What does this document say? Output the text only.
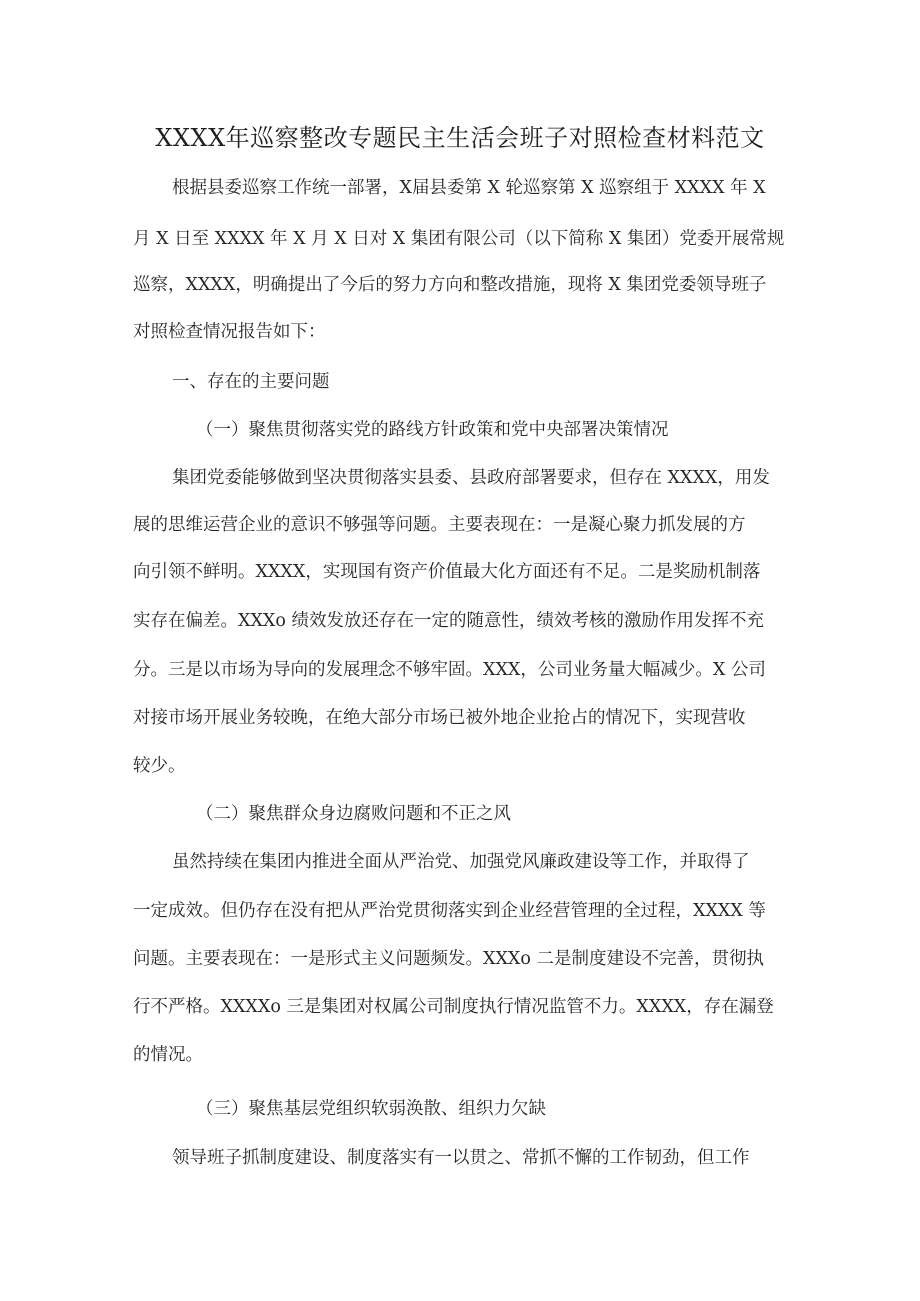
XXXX年巡察整改专题民主生活会班子对照检查材料范文
根据县委巡察工作统一部署，X届县委第 X 轮巡察第 X 巡察组于 XXXX 年 X
月 X 日至 XXXX 年 X 月 X 日对 X 集团有限公司（以下简称 X 集团）党委开展常规
巡察，XXXX，明确提出了今后的努力方向和整改措施，现将 X 集团党委领导班子
对照检查情况报告如下：
一、存在的主要问题
（一）聚焦贯彻落实党的路线方针政策和党中央部署决策情况
集团党委能够做到坚决贯彻落实县委、县政府部署要求，但存在 XXXX，用发
展的思维运营企业的意识不够强等问题。主要表现在：一是凝心聚力抓发展的方
向引领不鲜明。XXXX，实现国有资产价值最大化方面还有不足。二是奖励机制落
实存在偏差。XXXo 绩效发放还存在一定的随意性，绩效考核的激励作用发挥不充
分。三是以市场为导向的发展理念不够牢固。XXX，公司业务量大幅减少。X 公司
对接市场开展业务较晚，在绝大部分市场已被外地企业抢占的情况下，实现营收
较少。
（二）聚焦群众身边腐败问题和不正之风
虽然持续在集团内推进全面从严治党、加强党风廉政建设等工作，并取得了
一定成效。但仍存在没有把从严治党贯彻落实到企业经营管理的全过程，XXXX 等
问题。主要表现在：一是形式主义问题频发。XXXo 二是制度建设不完善，贯彻执
行不严格。XXXXo 三是集团对权属公司制度执行情况监管不力。XXXX，存在漏登
的情况。
（三）聚焦基层党组织软弱涣散、组织力欠缺
领导班子抓制度建设、制度落实有一以贯之、常抓不懈的工作韧劲，但工作
